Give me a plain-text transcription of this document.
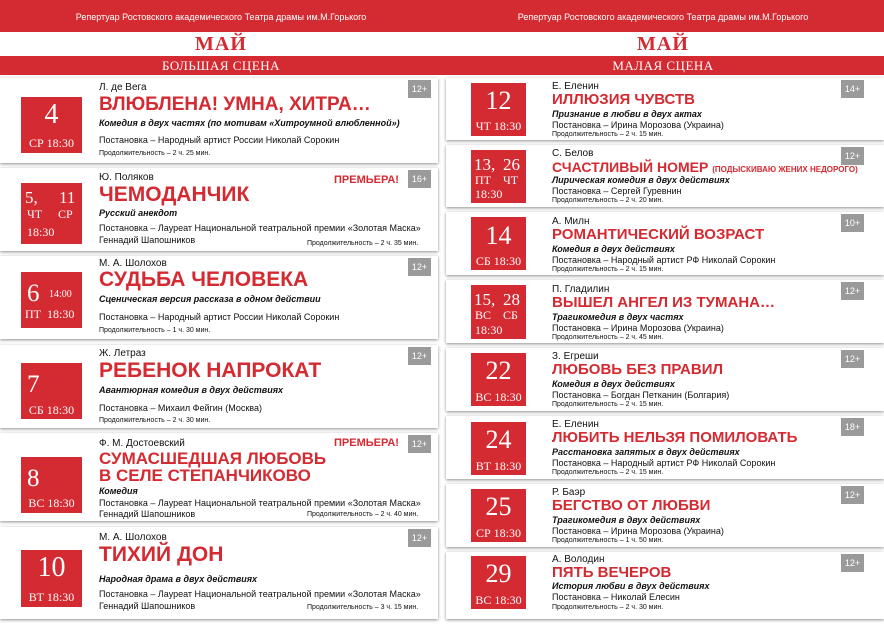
Репертуар Ростовского академического Театра драмы им.М.Горького
МАЙ
БОЛЬШАЯ СЦЕНА
4
СР 18:30
Л. де Вега
ВЛЮБЛЕНА! УМНА, ХИТРА…
Комедия в двух частях (по мотивам «Хитроумной влюбленной»)
Постановка – Народный артист России Николай Сорокин
Продолжительность – 2 ч. 25 мин.
12+
5, 11
ЧТ СР
18:30
Ю. Поляков	ПРЕМЬЕРА!	16+
ЧЕМОДАНЧИК
Русский анекдот
Постановка – Лауреат Национальной театральной премии «Золотая Маска»
Геннадий Шапошников	Продолжительность – 2 ч. 35 мин.
6 14:00
ПТ 18:30
М. А. Шолохов	12+
СУДЬБА ЧЕЛОВЕКА
Сценическая версия рассказа в одном действии
Постановка – Народный артист России Николай Сорокин
Продолжительность – 1 ч. 30 мин.
7
СБ 18:30
Ж. Летраз	12+
РЕБЕНОК НАПРОКАТ
Авантюрная комедия в двух действиях
Постановка – Михаил Фейгин (Москва)
Продолжительность – 2 ч. 30 мин.
8
ВС 18:30
Ф. М. Достоевский	ПРЕМЬЕРА!	12+
СУМАСШЕДШАЯ ЛЮБОВЬ
В СЕЛЕ СТЕПАНЧИКОВО
Комедия
Постановка – Лауреат Национальной театральной премии «Золотая Маска»
Геннадий Шапошников	Продолжительность – 2 ч. 40 мин.
10
ВТ 18:30
М. А. Шолохов	12+
ТИХИЙ ДОН
Народная драма в двух действиях
Постановка – Лауреат Национальной театральной премии «Золотая Маска»
Геннадий Шапошников	Продолжительность – 3 ч. 15 мин.
Репертуар Ростовского академического Театра драмы им.М.Горького
МАЙ
МАЛАЯ СЦЕНА
12
ЧТ 18:30
Е. Еленин	14+
ИЛЛЮЗИЯ ЧУВСТВ
Признание в любви в двух актах
Постановка – Ирина Морозова (Украина)
Продолжительность – 2 ч. 15 мин.
13, 26
ПТ ЧТ
18:30
С. Белов	12+
СЧАСТЛИВЫЙ НОМЕР (ПОДЫСКИВАЮ ЖЕНИХ НЕДОРОГО)
Лирическая комедия в двух действиях
Постановка – Сергей Гуревнин
Продолжительность – 2 ч. 20 мин.
14
СБ 18:30
А. Милн	10+
РОМАНТИЧЕСКИЙ ВОЗРАСТ
Комедия в двух действиях
Постановка – Народный артист РФ Николай Сорокин
Продолжительность – 2 ч. 15 мин.
15, 28
ВС СБ
18:30
П. Гладилин	12+
ВЫШЕЛ АНГЕЛ ИЗ ТУМАНА…
Трагикомедия в двух частях
Постановка – Ирина Морозова (Украина)
Продолжительность – 2 ч. 45 мин.
22
ВС 18:30
З. Егреши	12+
ЛЮБОВЬ БЕЗ ПРАВИЛ
Комедия в двух действиях
Постановка – Богдан Петканин (Болгария)
Продолжительность – 2 ч. 15 мин.
24
ВТ 18:30
Е. Еленин	18+
ЛЮБИТЬ НЕЛЬЗЯ ПОМИЛОВАТЬ
Расстановка запятых в двух действиях
Постановка – Народный артист РФ Николай Сорокин
Продолжительность – 2 ч. 15 мин.
25
СР 18:30
Р. Баэр	12+
БЕГСТВО ОТ ЛЮБВИ
Трагикомедия в двух действиях
Постановка – Ирина Морозова (Украина)
Продолжительность – 1 ч. 50 мин.
29
ВС 18:30
А. Володин	12+
ПЯТЬ ВЕЧЕРОВ
История любви в двух действиях
Постановка – Николай Елесин
Продолжительность – 2 ч. 30 мин.
